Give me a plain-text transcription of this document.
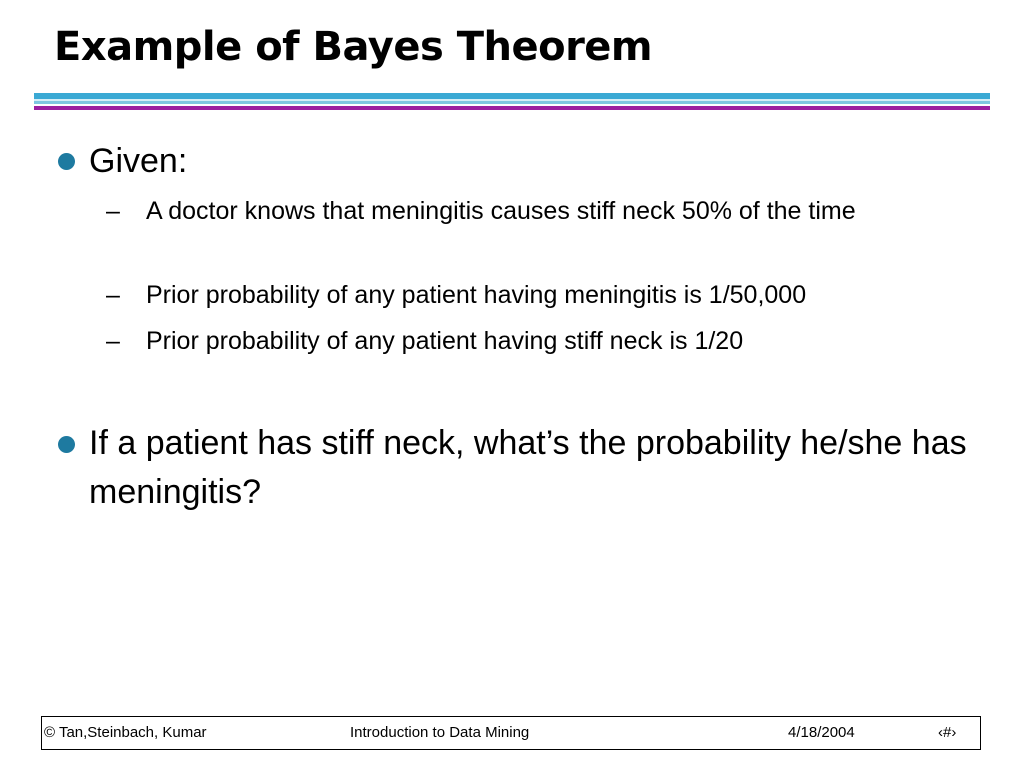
Example of Bayes Theorem
Given:
– A doctor knows that meningitis causes stiff neck 50% of the time
– Prior probability of any patient having meningitis is 1/50,000
– Prior probability of any patient having stiff neck is 1/20
If a patient has stiff neck, what’s the probability he/she has meningitis?
© Tan,Steinbach, Kumar	Introduction to Data Mining	4/18/2004	‹#›
